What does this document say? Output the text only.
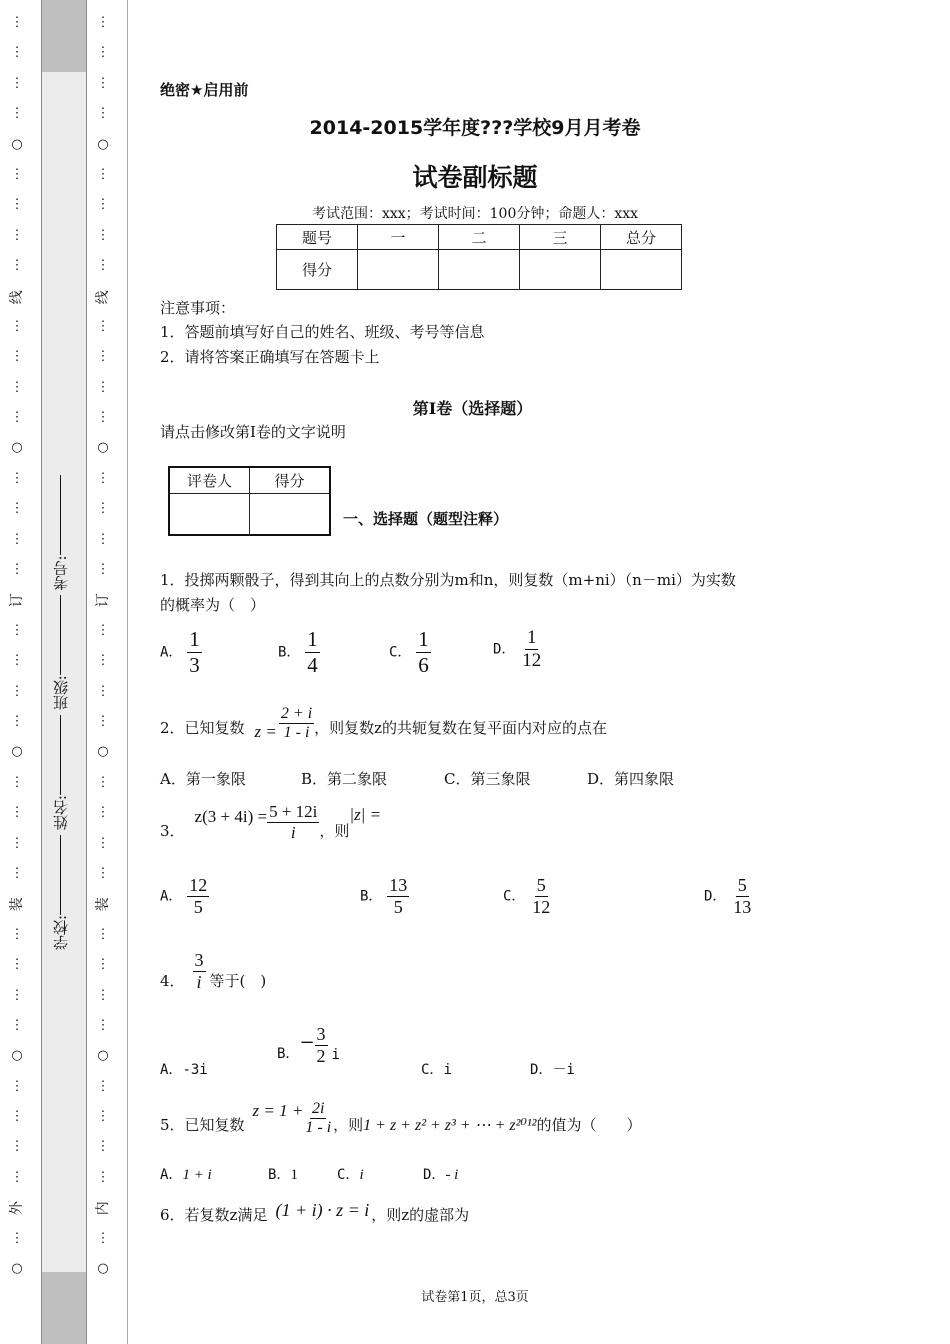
⋮
⋮
⋮
⋮
○
⋮
⋮
⋮
⋮
线
⋮
⋮
⋮
⋮
○
⋮
⋮
⋮
⋮
订
⋮
⋮
⋮
⋮
○
⋮
⋮
⋮
⋮
装
⋮
⋮
⋮
⋮
○
⋮
⋮
⋮
⋮
外
⋮
○
⋮
⋮
⋮
⋮
○
⋮
⋮
⋮
⋮
线
⋮
⋮
⋮
⋮
○
⋮
⋮
⋮
⋮
订
⋮
⋮
⋮
⋮
○
⋮
⋮
⋮
⋮
装
⋮
⋮
⋮
⋮
○
⋮
⋮
⋮
⋮
内
⋮
○
学校: 姓名: 班级: 考号:
绝密★启用前
2014-2015学年度???学校9月月考卷
试卷副标题
考试范围：xxx；考试时间：100分钟；命题人：xxx
题号	一	二	三	总分
得分				
注意事项：
1．答题前填写好自己的姓名、班级、考号等信息
2．请将答案正确填写在答题卡上
第I卷（选择题）
请点击修改第I卷的文字说明
评卷人	得分

一、选择题（题型注释）
1．投掷两颗骰子，得到其向上的点数分别为m和n，则复数（m+ni）（n－mi）为实数
的概率为（　）
A． $\frac{1}{3}$	B． $\frac{1}{4}$	C． $\frac{1}{6}$	D． $\frac{1}{12}$
2．已知复数 $z = \frac{2 + i}{1 - i}$ ，则复数z的共轭复数在复平面内对应的点在
A．第一象限	B．第二象限	C．第三象限	D．第四象限
3．
$z(3 + 4i) = \frac{5 + 12i}{i}$ ，则
|z| =
A． $\frac{12}{5}$	B． $\frac{13}{5}$	C． $\frac{5}{12}$	D． $\frac{5}{13}$
4． $\frac{3}{i}$ 等于(　)
A．-3i
B．
− $\frac{3}{2}$ i
C．i	D．－i
5．已知复数
$z = 1 + \frac{2i}{1 - i}$ ，则 1 + z + z² + z³ + ⋯ + z²⁰¹² 的值为（　　）
A．1 + i	B．1	C．i	D．- i
6．若复数z满足 (1 + i) · z = i ，则z的虚部为
试卷第1页，总3页
